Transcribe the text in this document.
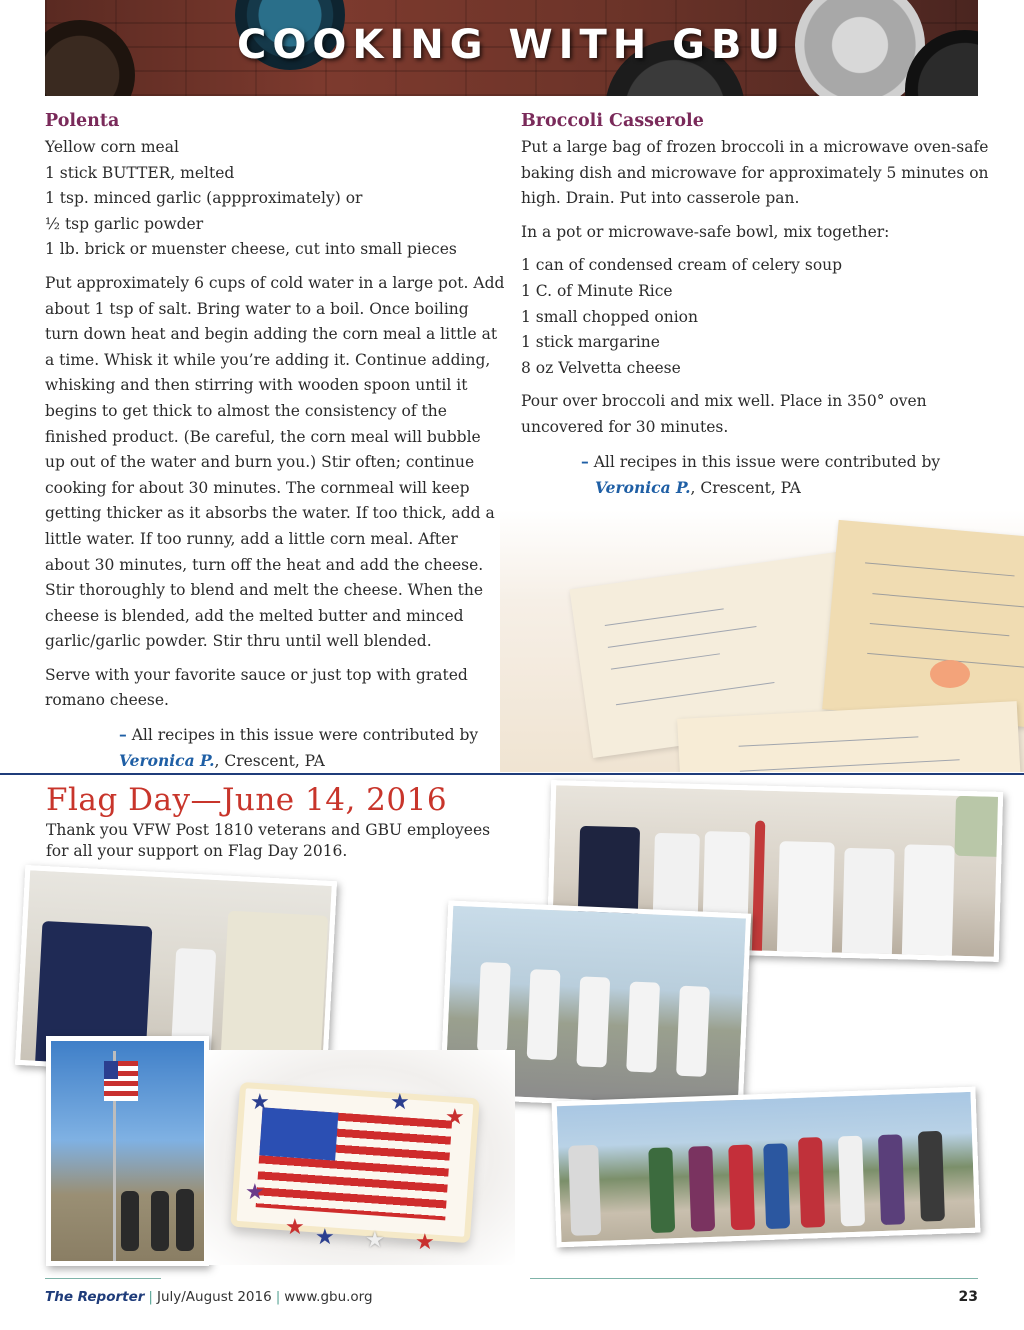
COOKING WITH GBU
Polenta
Yellow corn meal
1 stick BUTTER, melted
1 tsp. minced garlic (appproximately) or
½ tsp garlic powder
1 lb. brick or muenster cheese, cut into small pieces
Put approximately 6 cups of cold water in a large pot. Add about 1 tsp of salt. Bring water to a boil. Once boiling turn down heat and begin adding the corn meal a little at a time. Whisk it while you’re adding it. Continue adding, whisking and then stirring with wooden spoon until it begins to get thick to almost the consistency of the finished product. (Be careful, the corn meal will bubble up out of the water and burn you.) Stir often; continue cooking for about 30 minutes. The cornmeal will keep getting thicker as it absorbs the water. If too thick, add a little water. If too runny, add a little corn meal. After about 30 minutes, turn off the heat and add the cheese. Stir thoroughly to blend and melt the cheese. When the cheese is blended, add the melted butter and minced garlic/garlic powder. Stir thru until well blended.
Serve with your favorite sauce or just top with grated romano cheese.
– All recipes in this issue were contributed by
Veronica P., Crescent, PA
Broccoli Casserole
Put a large bag of frozen broccoli in a microwave oven-safe baking dish and microwave for approximately 5 minutes on high. Drain. Put into casserole pan.
In a pot or microwave-safe bowl, mix together:
1 can of condensed cream of celery soup
1 C. of Minute Rice
1 small chopped onion
1 stick margarine
8 oz Velvetta cheese
Pour over broccoli and mix well. Place in 350° oven uncovered for 30 minutes.
– All recipes in this issue were contributed by
Veronica P., Crescent, PA
Flag Day—June 14, 2016
Thank you VFW Post 1810 veterans and GBU employees for all your support on Flag Day 2016.
★	★
★
★ ★ ★ ★
★
The Reporter | July/August 2016 | www.gbu.org	23
